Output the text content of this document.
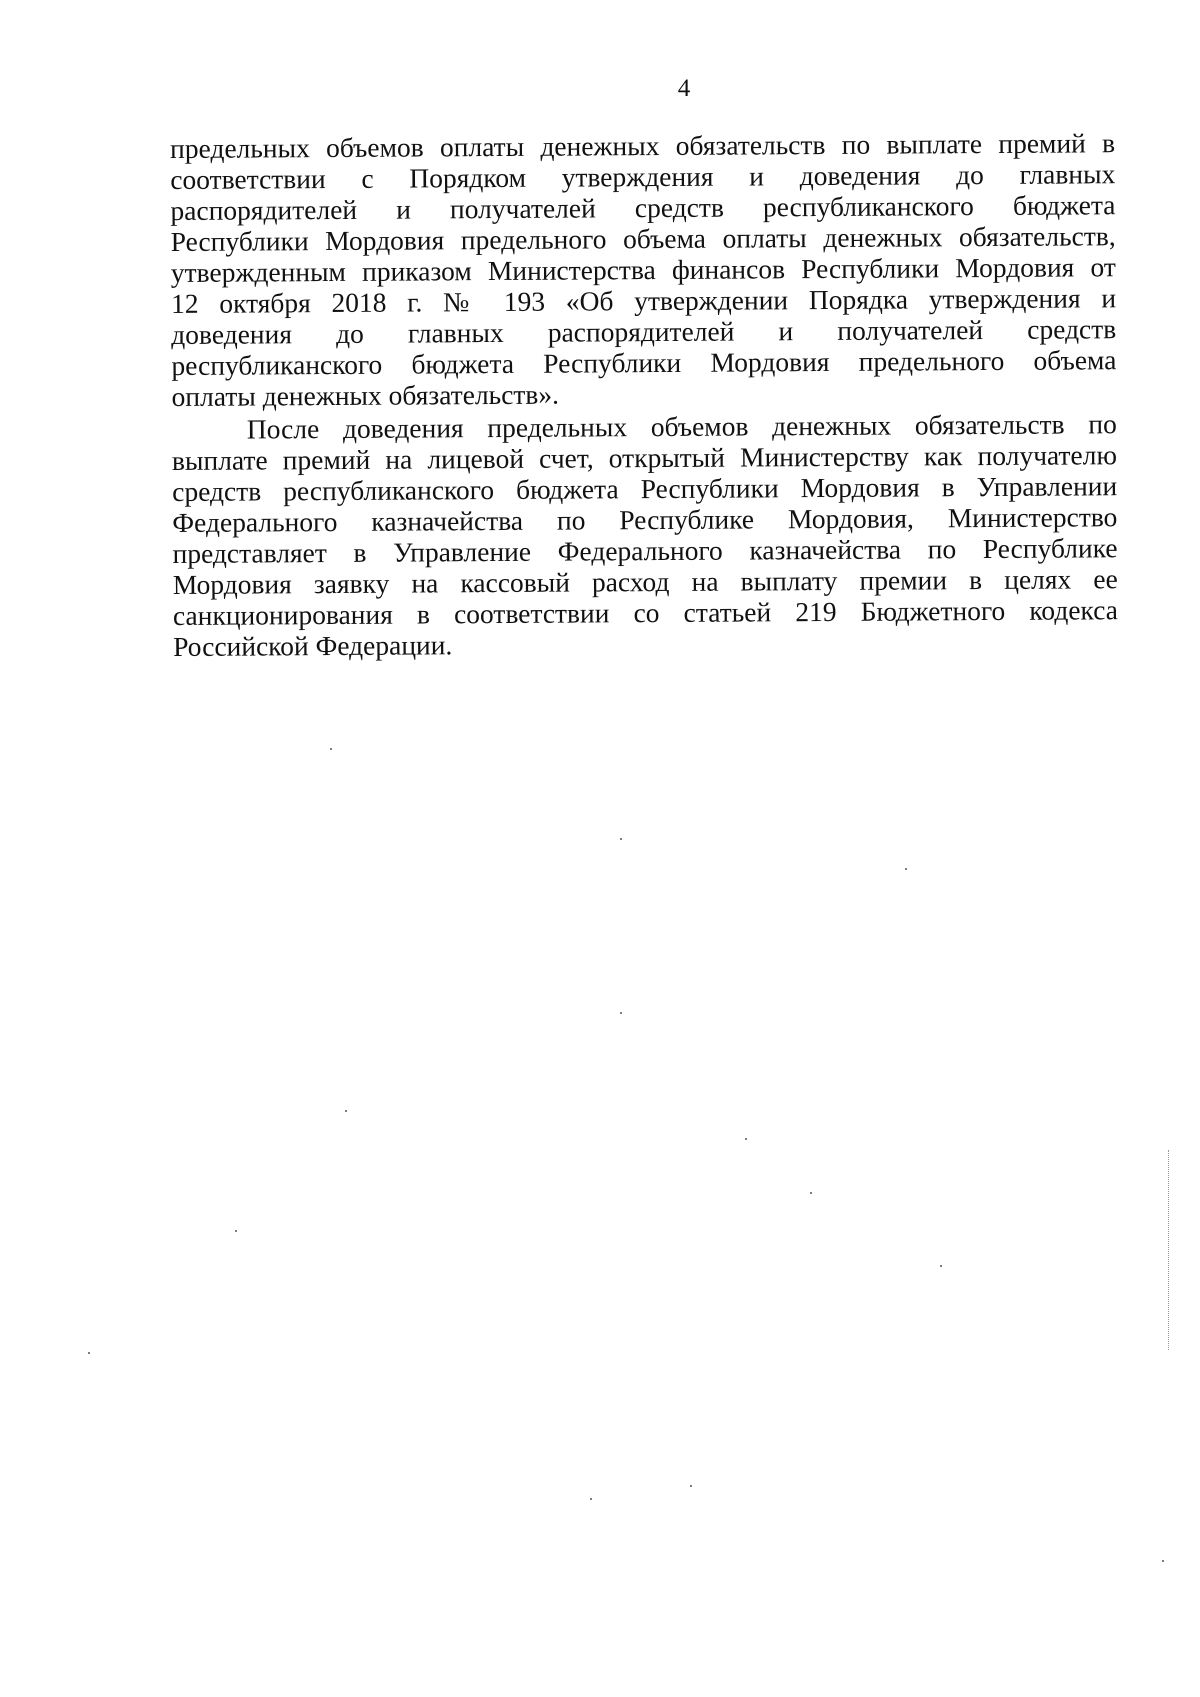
4
предельных объемов оплаты денежных обязательств по выплате премий в
соответствии с Порядком утверждения и доведения до главных
распорядителей и получателей средств республиканского бюджета
Республики Мордовия предельного объема оплаты денежных обязательств,
утвержденным приказом Министерства финансов Республики Мордовия от
12 октября 2018 г. № 193 «Об утверждении Порядка утверждения и
доведения до главных распорядителей и получателей средств
республиканского бюджета Республики Мордовия предельного объема
оплаты денежных обязательств».
После доведения предельных объемов денежных обязательств по
выплате премий на лицевой счет, открытый Министерству как получателю
средств республиканского бюджета Республики Мордовия в Управлении
Федерального казначейства по Республике Мордовия, Министерство
представляет в Управление Федерального казначейства по Республике
Мордовия заявку на кассовый расход на выплату премии в целях ее
санкционирования в соответствии со статьей 219 Бюджетного кодекса
Российской Федерации.
